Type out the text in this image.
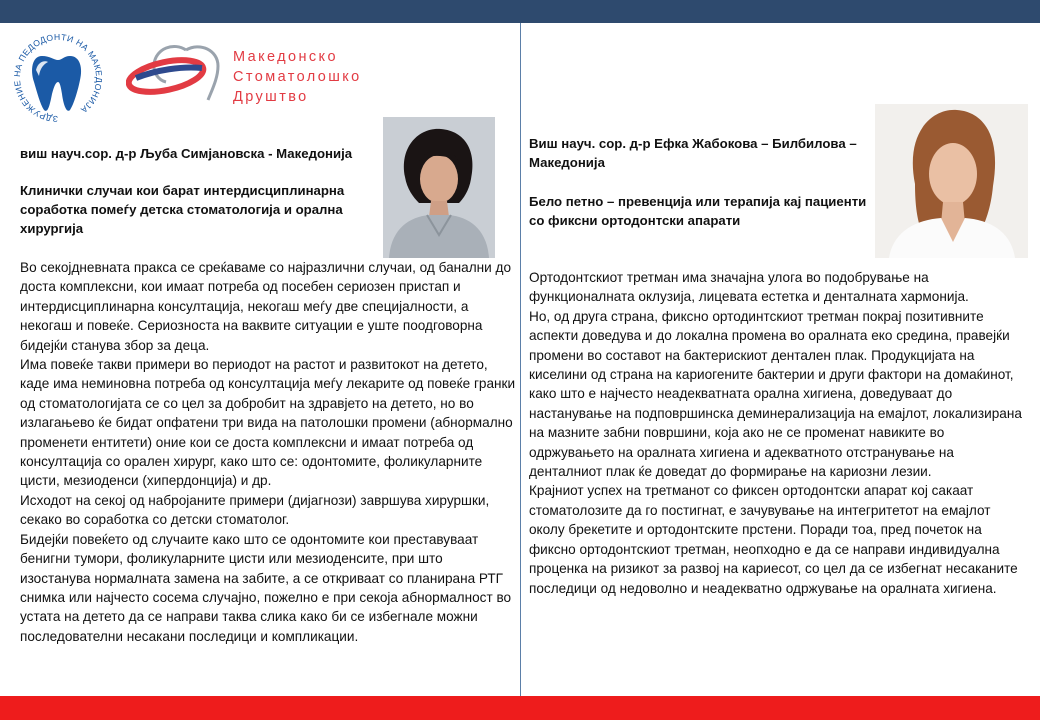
ЗДРУЖЕНИЕ НА ПЕДОДОНТИ НА МАКЕДОНИЈА
Македонско
Стоматолошко
Друштво
виш науч.сор. д-р Љуба Симјановска - Македонија
Клинички случаи кои барат интердисциплинарна соработка помеѓу детска стоматологија и орална хирургија

Во секојдневната пракса се среќаваме со најразлични случаи, од банални до доста комплексни, кои имаат потреба од посебен сериозен пристап и интердисциплинарна консултација, некогаш меѓу две специјалности, а некогаш и повеќе. Сериозноста на ваквите ситуации е уште поодговорна бидејќи станува збор за деца.

Има повеќе такви примери во периодот на растот и развитокот на детето, каде има неминовна потреба од консултација меѓу лекарите од повеќе гранки од стоматологијата се со цел за добробит на здравјето на детето, но во излагањево ќе бидат опфатени три вида на патолошки промени (абнормално променети ентитети) оние кои се доста комплексни и имаат потреба од консултација со орален хирург, како што се: одонтомите, фоликуларните цисти, мезиоденси (хипердонција) и др.

Исходот на секој од набројаните примери (дијагнози) завршува хируршки, секако во соработка со детски стоматолог.

Бидејќи повеќето од случаите како што се одонтомите кои преставуваат бенигни тумори, фоликуларните цисти или мезиоденсите, при што изостанува нормалната замена на забите, а се откриваат со планирана РТГ снимка или најчесто сосема случајно, пожелно е при секоја абнормалност во устата на детето да се направи таква слика како би се избегнале можни последователни несакани последици и компликации.

Виш науч. сор. д-р Ефка Жабокова – Билбилова – Македонија
Бело петно – превенција или терапија кај пациенти со фиксни ортодонтски апарати

Ортодонтскиот третман има значајна улога во подобрување на функционалната оклузија, лицевата естетка и денталната хармонија.

Но, од друга страна, фиксно ортодинтскиот третман покрај позитивните аспекти доведува и до локална промена во оралната еко средина, правејќи промени во составот на бактерискиот дентален плак. Продукцијата на киселини од страна на кариогените бактерии и други фактори на домаќинот, како што е најчесто неадекватната орална хигиена, доведуваат до настанување на подповршинска деминерализација на емајлот, локализирана на мазните забни површини, која ако не се променат навиките во одржувањето на оралната хигиена и адекватното отстранување на денталниот плак ќе доведат до формирање на кариозни лезии.

Крајниот успех на третманот со фиксен ортодонтски апарат кој сакаат стоматолозите да го постигнат, е зачувување на интегритетот на емајлот околу брекетите и ортодонтските прстени. Поради тоа, пред почеток на фиксно ортодонтскиот третман, неопходно е да се направи индивидуална проценка на ризикот за развој на кариесот, со цел да се избегнат несаканите последици од недоволно и неадекватно одржување на оралната хигиена.
